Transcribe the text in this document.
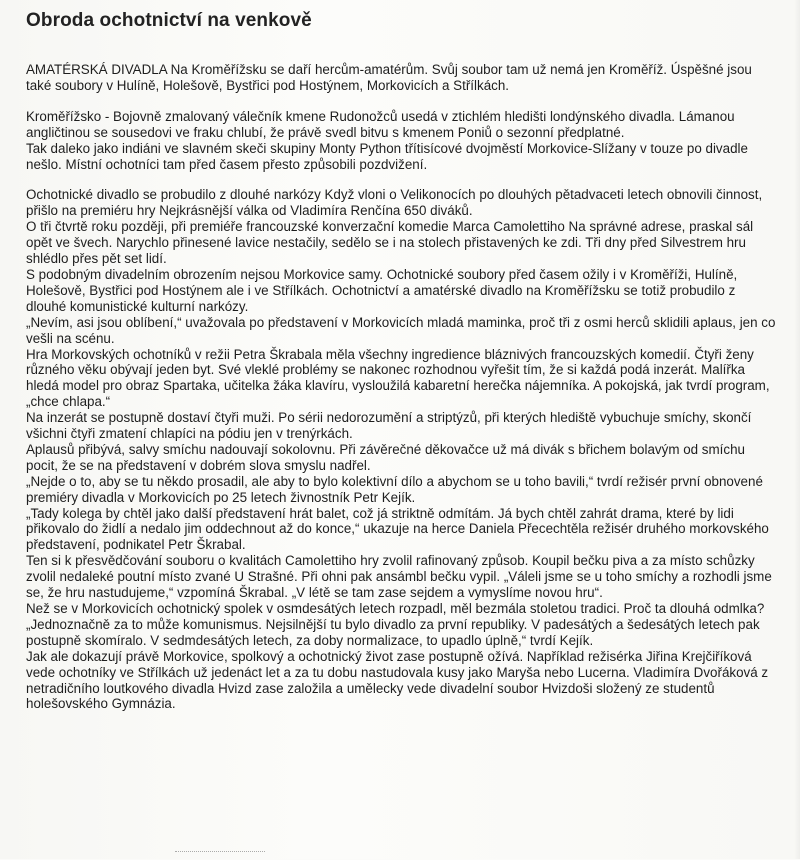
Obroda ochotnictví na venkově

AMATÉRSKÁ DIVADLA Na Kroměřížsku se daří hercům-amatérům. Svůj soubor tam už nemá jen Kroměříž. Úspěšné jsou také soubory v Hulíně, Holešově, Bystřici pod Hostýnem, Morkovicích a Střílkách.

Kroměřížsko - Bojovně zmalovaný válečník kmene Rudonožců usedá v ztichlém hledišti londýnského divadla. Lámanou angličtinou se sousedovi ve fraku chlubí, že právě svedl bitvu s kmenem Poniů o sezonní předplatné.

Tak daleko jako indiáni ve slavném skeči skupiny Monty Python třítisícové dvojměstí Morkovice-Slížany v touze po divadle nešlo. Místní ochotníci tam před časem přesto způsobili pozdvižení.

Ochotnické divadlo se probudilo z dlouhé narkózy Když vloni o Velikonocích po dlouhých pětadvaceti letech obnovili činnost, přišlo na premiéru hry Nejkrásnější válka od Vladimíra Renčína 650 diváků.

O tři čtvrtě roku později, při premiéře francouzské konverzační komedie Marca Camolettiho Na správné adrese, praskal sál opět ve švech. Narychlo přinesené lavice nestačily, sedělo se i na stolech přistavených ke zdi. Tři dny před Silvestrem hru shlédlo přes pět set lidí.

S podobným divadelním obrozením nejsou Morkovice samy. Ochotnické soubory před časem ožily i v Kroměříži, Hulíně, Holešově, Bystřici pod Hostýnem ale i ve Střílkách. Ochotnictví a amatérské divadlo na Kroměřížsku se totiž probudilo z dlouhé komunistické kulturní narkózy.

„Nevím, asi jsou oblíbení,“ uvažovala po představení v Morkovicích mladá maminka, proč tři z osmi herců sklidili aplaus, jen co vešli na scénu.

Hra Morkovských ochotníků v režii Petra Škrabala měla všechny ingredience bláznivých francouzských komedií. Čtyři ženy různého věku obývají jeden byt. Své vleklé problémy se nakonec rozhodnou vyřešit tím, že si každá podá inzerát. Malířka hledá model pro obraz Spartaka, učitelka žáka klavíru, vysloužilá kabaretní herečka nájemníka. A pokojská, jak tvrdí program, „chce chlapa.“

Na inzerát se postupně dostaví čtyři muži. Po sérii nedorozumění a striptýzů, při kterých hlediště vybuchuje smíchy, skončí všichni čtyři zmatení chlapíci na pódiu jen v trenýrkách.

Aplausů přibývá, salvy smíchu nadouvají sokolovnu. Při závěrečné děkovačce už má divák s břichem bolavým od smíchu pocit, že se na představení v dobrém slova smyslu nadřel.

„Nejde o to, aby se tu někdo prosadil, ale aby to bylo kolektivní dílo a abychom se u toho bavili,“ tvrdí režisér první obnovené premiéry divadla v Morkovicích po 25 letech živnostník Petr Kejík.

„Tady kolega by chtěl jako další představení hrát balet, což já striktně odmítám. Já bych chtěl zahrát drama, které by lidi přikovalo do židlí a nedalo jim oddechnout až do konce,“ ukazuje na herce Daniela Přecechtěla režisér druhého morkovského představení, podnikatel Petr Škrabal.

Ten si k přesvědčování souboru o kvalitách Camolettiho hry zvolil rafinovaný způsob. Koupil bečku piva a za místo schůzky zvolil nedaleké poutní místo zvané U Strašné. Při ohni pak ansámbl bečku vypil. „Váleli jsme se u toho smíchy a rozhodli jsme se, že hru nastudujeme,“ vzpomíná Škrabal. „V létě se tam zase sejdem a vymyslíme novou hru“.

Než se v Morkovicích ochotnický spolek v osmdesátých letech rozpadl, měl bezmála stoletou tradici. Proč ta dlouhá odmlka?

„Jednoznačně za to může komunismus. Nejsilnější tu bylo divadlo za první republiky. V padesátých a šedesátých letech pak postupně skomíralo. V sedmdesátých letech, za doby normalizace, to upadlo úplně,“ tvrdí Kejík.

Jak ale dokazují právě Morkovice, spolkový a ochotnický život zase postupně ožívá. Například režisérka Jiřina Krejčiříková vede ochotníky ve Střílkách už jedenáct let a za tu dobu nastudovala kusy jako Maryša nebo Lucerna. Vladimíra Dvořáková z netradičního loutkového divadla Hvizd zase založila a umělecky vede divadelní soubor Hvizdoši složený ze studentů holešovského Gymnázia.
